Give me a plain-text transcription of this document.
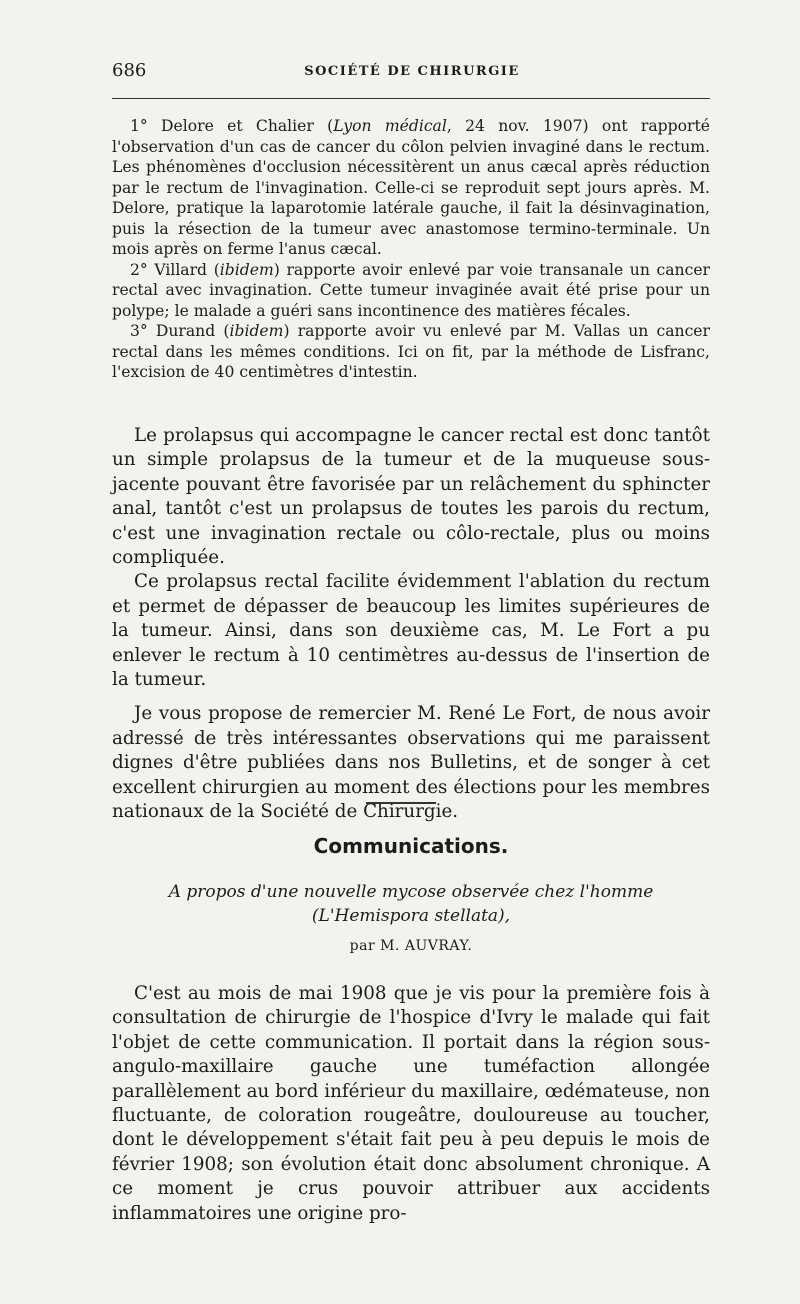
686	SOCIÉTÉ DE CHIRURGIE

1° Delore et Chalier (Lyon médical, 24 nov. 1907) ont rapporté l'observation d'un cas de cancer du côlon pelvien invaginé dans le rectum. Les phénomènes d'occlusion nécessitèrent un anus cæcal après réduction par le rectum de l'invagination. Celle-ci se reproduit sept jours après. M. Delore, pratique la laparotomie latérale gauche, il fait la désinvagination, puis la résection de la tumeur avec anastomose termino-terminale. Un mois après on ferme l'anus cæcal.

2° Villard (ibidem) rapporte avoir enlevé par voie transanale un cancer rectal avec invagination. Cette tumeur invaginée avait été prise pour un polype; le malade a guéri sans incontinence des matières fécales.

3° Durand (ibidem) rapporte avoir vu enlevé par M. Vallas un cancer rectal dans les mêmes conditions. Ici on fit, par la méthode de Lisfranc, l'excision de 40 centimètres d'intestin.

Le prolapsus qui accompagne le cancer rectal est donc tantôt un simple prolapsus de la tumeur et de la muqueuse sous-jacente pouvant être favorisée par un relâchement du sphincter anal, tantôt c'est un prolapsus de toutes les parois du rectum, c'est une invagination rectale ou côlo-rectale, plus ou moins compliquée.

Ce prolapsus rectal facilite évidemment l'ablation du rectum et permet de dépasser de beaucoup les limites supérieures de la tumeur. Ainsi, dans son deuxième cas, M. Le Fort a pu enlever le rectum à 10 centimètres au-dessus de l'insertion de la tumeur.

Je vous propose de remercier M. René Le Fort, de nous avoir adressé de très intéressantes observations qui me paraissent dignes d'être publiées dans nos Bulletins, et de songer à cet excellent chirurgien au moment des élections pour les membres nationaux de la Société de Chirurgie.

Communications.
A propos d'une nouvelle mycose observée chez l'homme
(L'Hemispora stellata),
par M. AUVRAY.

C'est au mois de mai 1908 que je vis pour la première fois à consultation de chirurgie de l'hospice d'Ivry le malade qui fait l'objet de cette communication. Il portait dans la région sous-angulo-maxillaire gauche une tuméfaction allongée parallèlement au bord inférieur du maxillaire, œdémateuse, non fluctuante, de coloration rougeâtre, douloureuse au toucher, dont le développement s'était fait peu à peu depuis le mois de février 1908; son évolution était donc absolument chronique. A ce moment je crus pouvoir attribuer aux accidents inflammatoires une origine pro-
